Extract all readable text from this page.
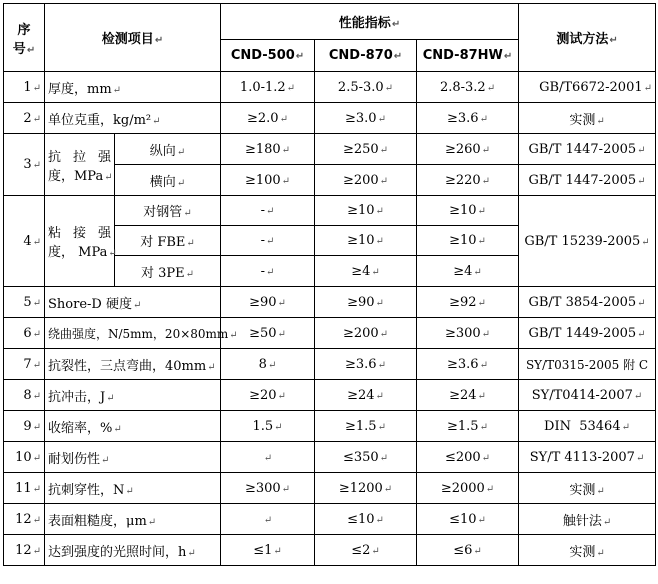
序
号↵	检测项目↵		性能指标↵			测试方法↵
			CND-500↵	CND-870↵	CND-87HW↵	
1↵	厚度，mm↵		1.0-1.2↵	2.5-3.0↵	2.8-3.2↵	GB/T6672-2001↵
2↵	单位克重，kg/m²↵		≥2.0↵	≥3.0↵	≥3.6↵	实测↵
3↵	抗 拉 强
度，MPa↵	纵向↵	≥180↵	≥250↵	≥260↵	GB/T 1447-2005↵
		横向↵	≥100↵	≥200↵	≥220↵	GB/T 1447-2005↵
4↵	粘 接 强
度， MPa↵	对钢管↵	-↵	≥10↵	≥10↵	GB/T 15239-2005↵
		对 FBE↵	-↵	≥10↵	≥10↵	
		对 3PE↵	-↵	≥4↵	≥4↵	
5↵	Shore-D 硬度↵		≥90↵	≥90↵	≥92↵	GB/T 3854-2005↵
6↵	绕曲强度，N/5mm，20×80mm↵		≥50↵	≥200↵	≥300↵	GB/T 1449-2005↵
7↵	抗裂性，三点弯曲，40mm↵		8↵	≥3.6↵	≥3.6↵	SY/T0315-2005 附 C
8↵	抗冲击，J↵		≥20↵	≥24↵	≥24↵	SY/T0414-2007↵
9↵	收缩率，%↵		1.5↵	≥1.5↵	≥1.5↵	DIN  53464↵
10↵	耐划伤性↵		↵	≤350↵	≤200↵	SY/T 4113-2007↵
11↵	抗刺穿性，N↵		≥300↵	≥1200↵	≥2000↵	实测↵
12↵	表面粗糙度，μm↵		↵	≤10↵	≤10↵	触针法↵
12↵	达到强度的光照时间，h↵		≤1↵	≤2↵	≤6↵	实测↵
